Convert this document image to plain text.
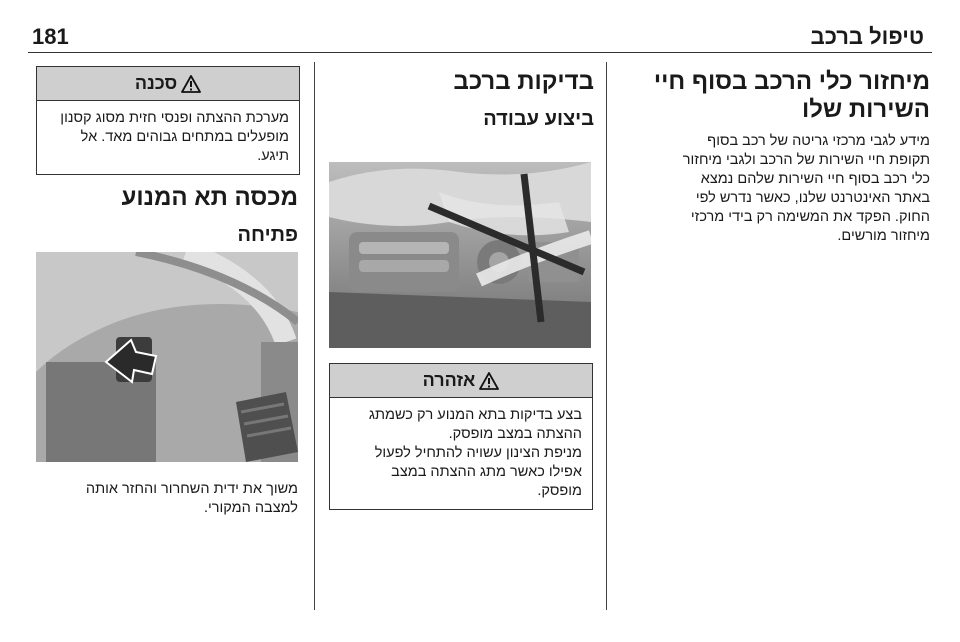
181	טיפול ברכב
מיחזור כלי הרכב בסוף חיי השירות שלו
מידע לגבי מרכזי גריטה של רכב בסוף
תקופת חיי השירות של הרכב ולגבי מיחזור
כלי רכב בסוף חיי השירות שלהם נמצא
באתר האינטרנט שלנו, כאשר נדרש לפי
החוק. הפקד את המשימה רק בידי מרכזי
מיחזור מורשים.
בדיקות ברכב
ביצוע עבודה
אזהרה
בצע בדיקות בתא המנוע רק כשמתג
ההצתה במצב מופסק.
מניפת הצינון עשויה להתחיל לפעול
אפילו כאשר מתג ההצתה במצב
מופסק.
סכנה
מערכת ההצתה ופנסי חזית מסוג קסנון
מופעלים במתחים גבוהים מאד. אל
תיגע.
מכסה תא המנוע
פתיחה
משוך את ידית השחרור והחזר אותה
למצבה המקורי.
